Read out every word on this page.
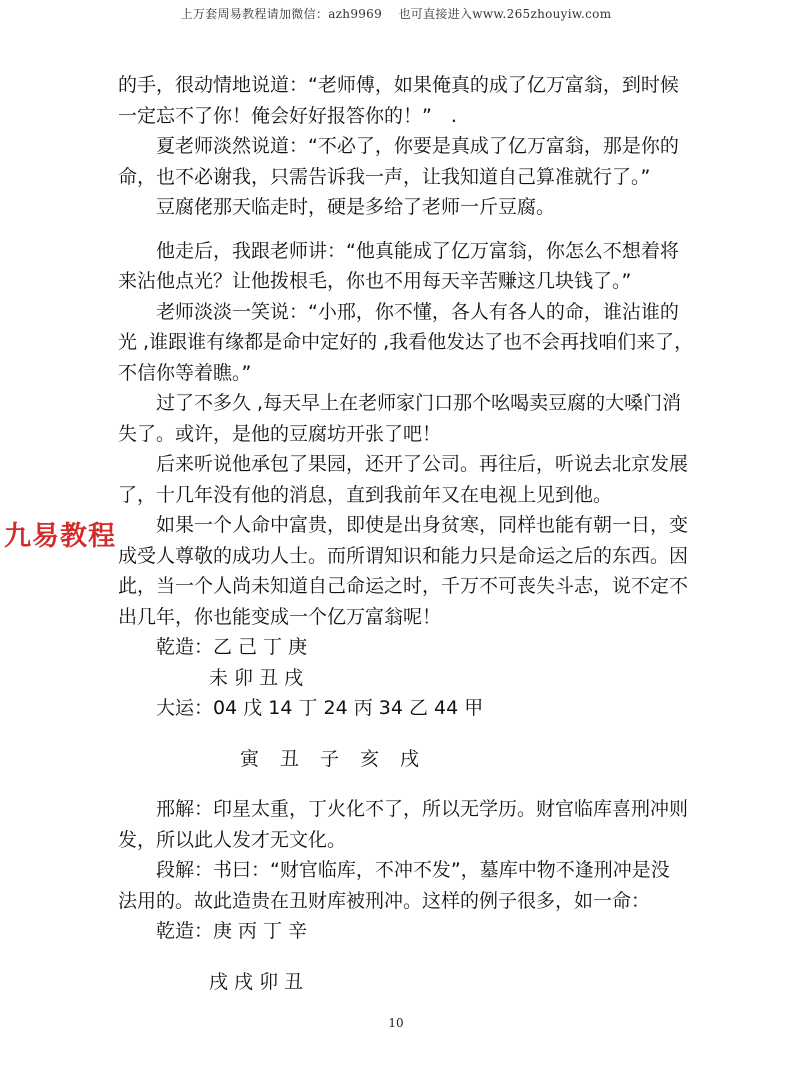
上万套周易教程请加微信：azh9969　 也可直接进入www.265zhouyiw.com
的手，很动情地说道：“老师傅，如果俺真的成了亿万富翁，到时候
一定忘不了你！俺会好好报答你的！”　.
夏老师淡然说道：“不必了，你要是真成了亿万富翁，那是你的
命，也不必谢我，只需告诉我一声，让我知道自己算准就行了。”
豆腐佬那天临走时，硬是多给了老师一斤豆腐。
他走后，我跟老师讲：“他真能成了亿万富翁，你怎么不想着将
来沾他点光？让他拨根毛，你也不用每天辛苦赚这几块钱了。”
老师淡淡一笑说：“小邢，你不懂，各人有各人的命，谁沾谁的
光 ,谁跟谁有缘都是命中定好的 ,我看他发达了也不会再找咱们来了，
不信你等着瞧。”
过了不多久 ,每天早上在老师家门口那个吆喝卖豆腐的大嗓门消
失了。或许，是他的豆腐坊开张了吧！
后来听说他承包了果园，还开了公司。再往后，听说去北京发展
了，十几年没有他的消息，直到我前年又在电视上见到他。
如果一个人命中富贵，即使是出身贫寒，同样也能有朝一日，变
成受人尊敬的成功人士。而所谓知识和能力只是命运之后的东西。因
此，当一个人尚未知道自己命运之时，千万不可丧失斗志，说不定不
出几年，你也能变成一个亿万富翁呢！
乾造：乙 己 丁 庚
未 卯 丑 戌
大运：04 戊 14 丁 24 丙 34 乙 44 甲
寅　丑　子　亥　戌
邢解：印星太重，丁火化不了，所以无学历。财官临库喜刑冲则
发，所以此人发才无文化。
段解：书曰：“财官临库，不冲不发”，墓库中物不逢刑冲是没
法用的。故此造贵在丑财库被刑冲。这样的例子很多，如一命：
乾造：庚 丙 丁 辛
戌 戌 卯 丑
九易教程
10
